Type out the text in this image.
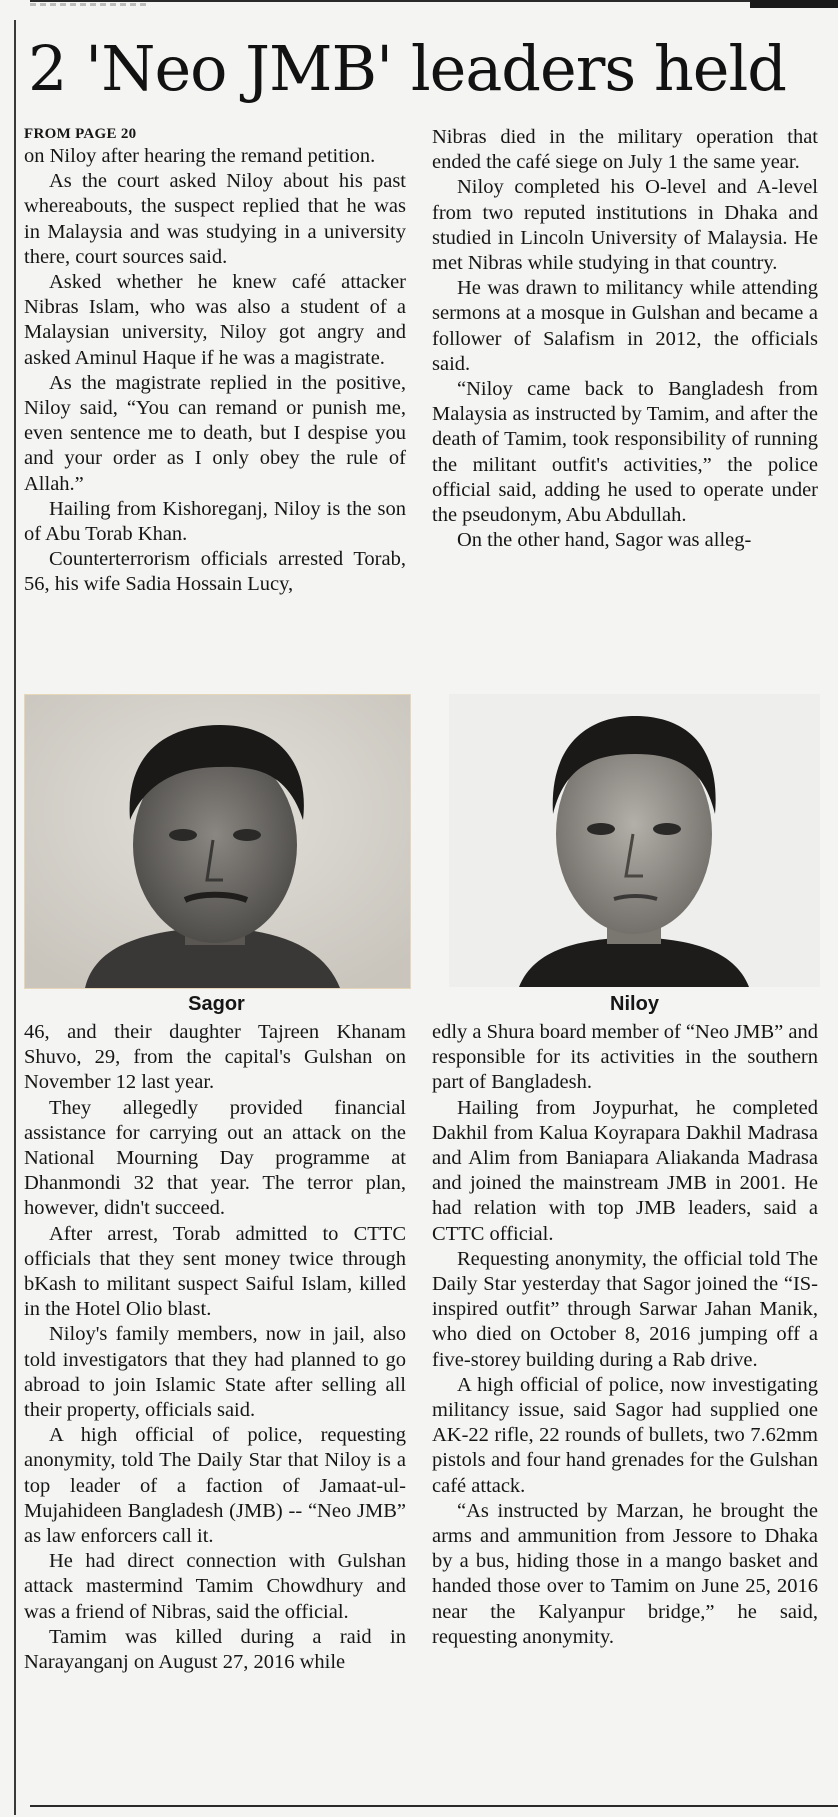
2 'Neo JMB' leaders held
FROM PAGE 20

on Niloy after hearing the remand petition.

As the court asked Niloy about his past whereabouts, the suspect replied that he was in Malaysia and was studying in a university there, court sources said.

Asked whether he knew café attacker Nibras Islam, who was also a student of a Malaysian university, Niloy got angry and asked Aminul Haque if he was a magistrate.

As the magistrate replied in the positive, Niloy said, “You can remand or punish me, even sentence me to death, but I despise you and your order as I only obey the rule of Allah.”

Hailing from Kishoreganj, Niloy is the son of Abu Torab Khan.

Counterterrorism officials arrested Torab, 56, his wife Sadia Hossain Lucy,

Nibras died in the military operation that ended the café siege on July 1 the same year.

Niloy completed his O-level and A-level from two reputed institutions in Dhaka and studied in Lincoln University of Malaysia. He met Nibras while studying in that country.

He was drawn to militancy while attending sermons at a mosque in Gulshan and became a follower of Salafism in 2012, the officials said.

“Niloy came back to Bangladesh from Malaysia as instructed by Tamim, and after the death of Tamim, took responsibility of running the militant outfit's activities,” the police official said, adding he used to operate under the pseudonym, Abu Abdullah.

On the other hand, Sagor was alleg-

Sagor	Niloy

46, and their daughter Tajreen Khanam Shuvo, 29, from the capital's Gulshan on November 12 last year.

They allegedly provided financial assistance for carrying out an attack on the National Mourning Day programme at Dhanmondi 32 that year. The terror plan, however, didn't succeed.

After arrest, Torab admitted to CTTC officials that they sent money twice through bKash to militant suspect Saiful Islam, killed in the Hotel Olio blast.

Niloy's family members, now in jail, also told investigators that they had planned to go abroad to join Islamic State after selling all their property, officials said.

A high official of police, requesting anonymity, told The Daily Star that Niloy is a top leader of a faction of Jamaat-ul-Mujahideen Bangladesh (JMB) -- “Neo JMB” as law enforcers call it.

He had direct connection with Gulshan attack mastermind Tamim Chowdhury and was a friend of Nibras, said the official.

Tamim was killed during a raid in Narayanganj on August 27, 2016 while

edly a Shura board member of “Neo JMB” and responsible for its activities in the southern part of Bangladesh.

Hailing from Joypurhat, he completed Dakhil from Kalua Koyrapara Dakhil Madrasa and Alim from Baniapara Aliakanda Madrasa and joined the mainstream JMB in 2001. He had relation with top JMB leaders, said a CTTC official.

Requesting anonymity, the official told The Daily Star yesterday that Sagor joined the “IS-inspired outfit” through Sarwar Jahan Manik, who died on October 8, 2016 jumping off a five-storey building during a Rab drive.

A high official of police, now investigating militancy issue, said Sagor had supplied one AK-22 rifle, 22 rounds of bullets, two 7.62mm pistols and four hand grenades for the Gulshan café attack.

“As instructed by Marzan, he brought the arms and ammunition from Jessore to Dhaka by a bus, hiding those in a mango basket and handed those over to Tamim on June 25, 2016 near the Kalyanpur bridge,” he said, requesting anonymity.
